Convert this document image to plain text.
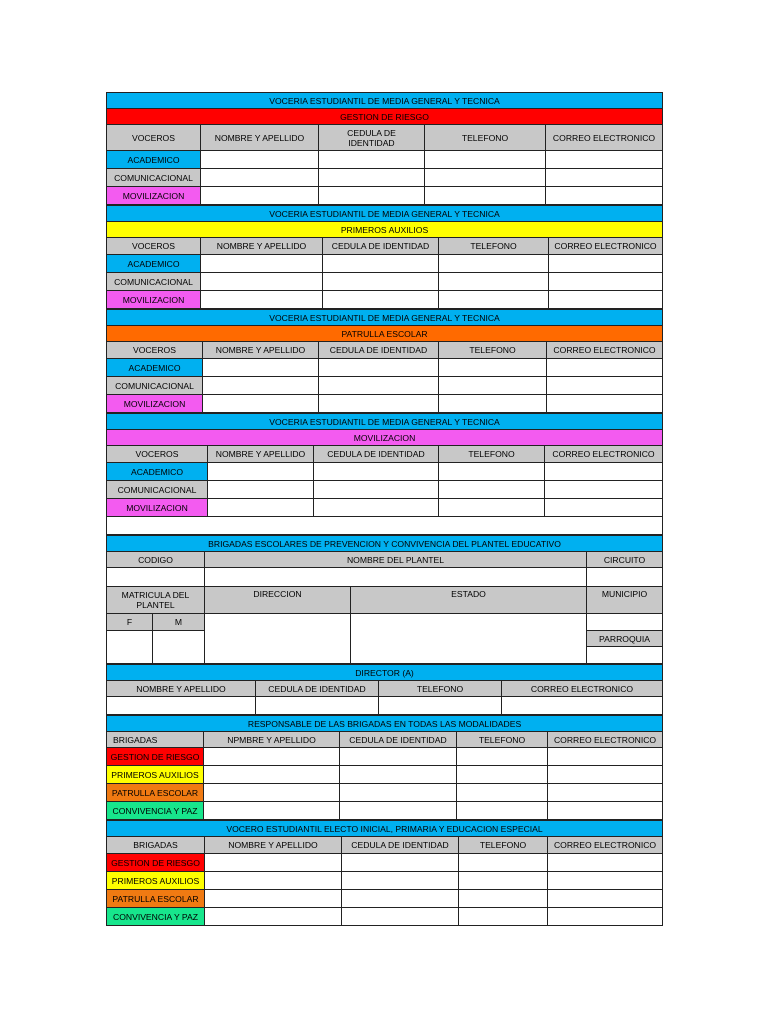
VOCERIA ESTUDIANTIL DE MEDIA GENERAL Y TECNICA				
GESTION DE RIESGO				
VOCEROS	NOMBRE Y APELLIDO	CEDULA DE IDENTIDAD	TELEFONO	CORREO ELECTRONICO
ACADEMICO				
COMUNICACIONAL				
MOVILIZACION				
VOCERIA ESTUDIANTIL DE MEDIA GENERAL Y TECNICA				
PRIMEROS AUXILIOS				
VOCEROS	NOMBRE Y APELLIDO	CEDULA DE IDENTIDAD	TELEFONO	CORREO ELECTRONICO
ACADEMICO				
COMUNICACIONAL				
MOVILIZACION				
VOCERIA ESTUDIANTIL DE MEDIA GENERAL Y TECNICA				
PATRULLA ESCOLAR				
VOCEROS	NOMBRE Y APELLIDO	CEDULA DE IDENTIDAD	TELEFONO	CORREO ELECTRONICO
ACADEMICO				
COMUNICACIONAL				
MOVILIZACION				
VOCERIA ESTUDIANTIL DE MEDIA GENERAL Y TECNICA				
MOVILIZACION				
VOCEROS	NOMBRE Y APELLIDO	CEDULA DE IDENTIDAD	TELEFONO	CORREO ELECTRONICO
ACADEMICO				
COMUNICACIONAL				
MOVILIZACION				

BRIGADAS ESCOLARES DE PREVENCION Y CONVIVENCIA DEL PLANTEL EDUCATIVO				
CODIGO		NOMBRE DEL PLANTEL		CIRCUITO

MATRICULA DEL PLANTEL		DIRECCION	ESTADO	MUNICIPIO
F	M			
				PARROQUIA

DIRECTOR (A)			
NOMBRE Y APELLIDO	CEDULA DE IDENTIDAD	TELEFONO	CORREO ELECTRONICO

RESPONSABLE DE LAS BRIGADAS EN TODAS LAS MODALIDADES				
BRIGADAS	NPMBRE Y APELLIDO	CEDULA DE IDENTIDAD	TELEFONO	CORREO ELECTRONICO
GESTION DE RIESGO				
PRIMEROS AUXILIOS				
PATRULLA ESCOLAR				
CONVIVENCIA Y PAZ				
VOCERO ESTUDIANTIL ELECTO INICIAL, PRIMARIA Y EDUCACION ESPECIAL				
BRIGADAS	NOMBRE Y APELLIDO	CEDULA DE IDENTIDAD	TELEFONO	CORREO ELECTRONICO
GESTION DE RIESGO				
PRIMEROS AUXILIOS				
PATRULLA ESCOLAR				
CONVIVENCIA Y PAZ				
